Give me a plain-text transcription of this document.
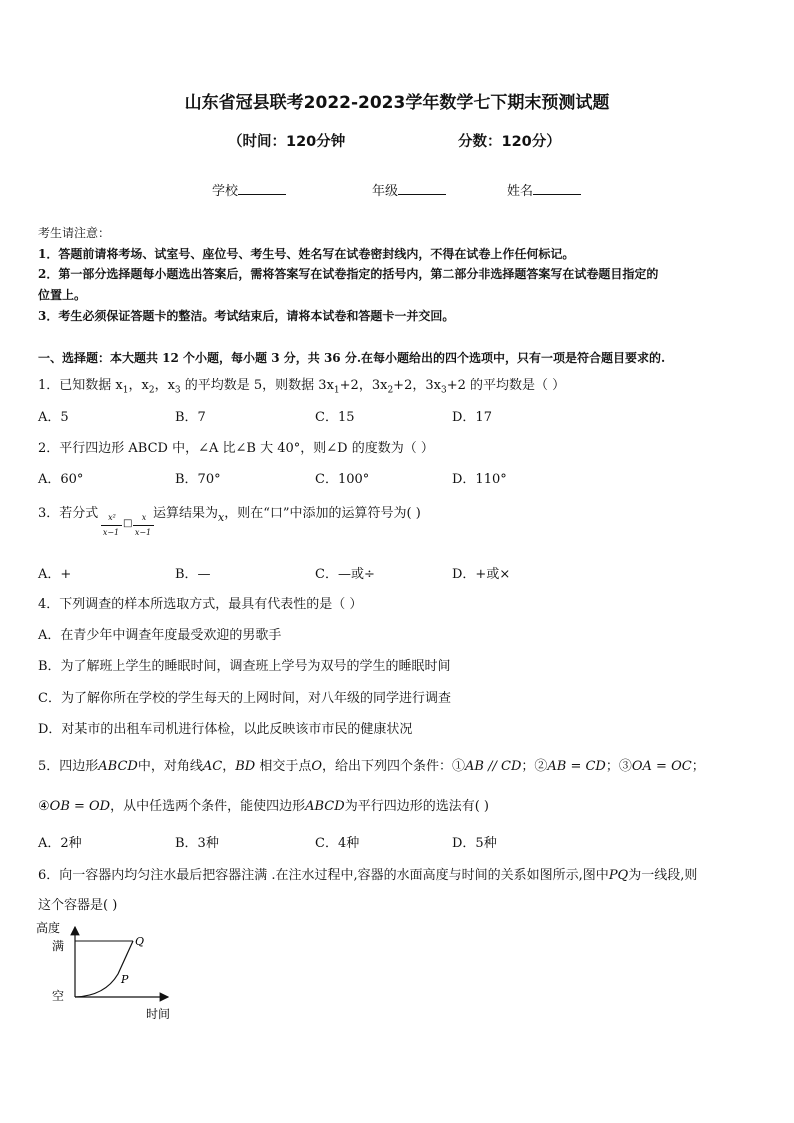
山东省冠县联考2022-2023学年数学七下期末预测试题
（时间：120分钟	分数：120分）
学校	年级	姓名
考生请注意：
1．答题前请将考场、试室号、座位号、考生号、姓名写在试卷密封线内，不得在试卷上作任何标记。
2．第一部分选择题每小题选出答案后，需将答案写在试卷指定的括号内，第二部分非选择题答案写在试卷题目指定的
位置上。
3．考生必须保证答题卡的整洁。考试结束后，请将本试卷和答题卡一并交回。
一、选择题：本大题共 12 个小题，每小题 3 分，共 36 分.在每小题给出的四个选项中，只有一项是符合题目要求的.
1．已知数据 $x_1$，$x_2$，$x_3$ 的平均数是 5，则数据 $3x_1+2$，$3x_2+2$，$3x_3+2$ 的平均数是（ ）
A．5	B．7	C．15	D．17
2．平行四边形 ABCD 中，∠A 比∠B 大 40°，则∠D 的度数为（ ）
A．60°	B．70°	C．100°	D．110°
3．若分式	x²
x−1
□
x
x−1
运算结果为$_x$，则在“口”中添加的运算符号为( )
A．+	B．—	C．—或÷	D．+或×
4．下列调查的样本所选取方式，最具有代表性的是（ ）
A．在青少年中调查年度最受欢迎的男歌手
B．为了解班上学生的睡眠时间，调查班上学号为双号的学生的睡眠时间
C．为了解你所在学校的学生每天的上网时间，对八年级的同学进行调查
D．对某市的出租车司机进行体检，以此反映该市市民的健康状况
5．四边形ABCD中，对角线AC，BD 相交于点O，给出下列四个条件：①AB // CD；②AB = CD；③OA = OC；
④OB = OD，从中任选两个条件，能使四边形ABCD为平行四边形的选法有( )
A．2种	B．3种	C．4种	D．5种
6．向一容器内均匀注水最后把容器注满 .在注水过程中,容器的水面高度与时间的关系如图所示,图中PQ为一线段,则
这个容器是( )
高度
满
空
Q
P
时间
